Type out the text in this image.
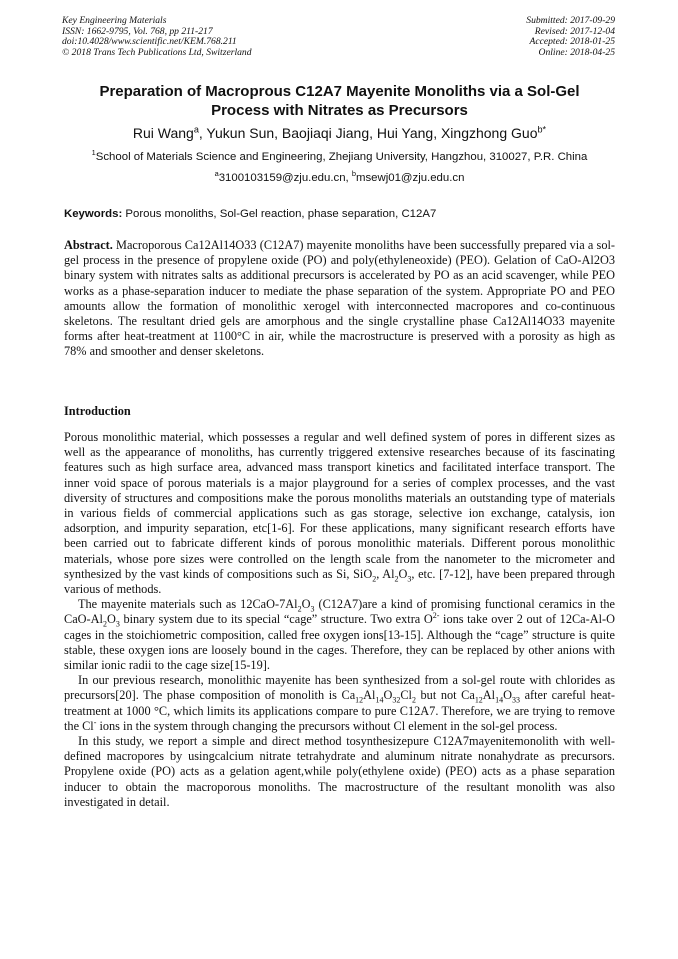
Key Engineering Materials
ISSN: 1662-9795, Vol. 768, pp 211-217
doi:10.4028/www.scientific.net/KEM.768.211
© 2018 Trans Tech Publications Ltd, Switzerland
Submitted: 2017-09-29
Revised: 2017-12-04
Accepted: 2018-01-25
Online: 2018-04-25
Preparation of Macroprous C12A7 Mayenite Monoliths via a Sol-Gel
Process with Nitrates as Precursors
Rui Wang$^a$, Yukun Sun, Baojiaqi Jiang, Hui Yang, Xingzhong Guo$^{b*}$
$^1$School of Materials Science and Engineering, Zhejiang University, Hangzhou, 310027, P.R. China
$^a$3100103159@zju.edu.cn, $^b$msewj01@zju.edu.cn
Keywords: Porous monoliths, Sol-Gel reaction, phase separation, C12A7

Abstract. Macroporous Ca12Al14O33 (C12A7) mayenite monoliths have been successfully prepared via a sol-gel process in the presence of propylene oxide (PO) and poly(ethyleneoxide) (PEO). Gelation of CaO-Al2O3 binary system with nitrates salts as additional precursors is accelerated by PO as an acid scavenger, while PEO works as a phase-separation inducer to mediate the phase separation of the system. Appropriate PO and PEO amounts allow the formation of monolithic xerogel with interconnected macropores and co-continuous skeletons. The resultant dried gels are amorphous and the single crystalline phase Ca12Al14O33 mayenite forms after heat-treatment at 1100°C in air, while the macrostructure is preserved with a porosity as high as 78% and smoother and denser skeletons.

Introduction

Porous monolithic material, which possesses a regular and well defined system of pores in different sizes as well as the appearance of monoliths, has currently triggered extensive researches because of its fascinating features such as high surface area, advanced mass transport kinetics and facilitated interface transport. The inner void space of porous materials is a major playground for a series of complex processes, and the vast diversity of structures and compositions make the porous monoliths materials an outstanding type of materials in various fields of commercial applications such as gas storage, selective ion exchange, catalysis, ion adsorption, and impurity separation, etc[1-6]. For these applications, many significant research efforts have been carried out to fabricate different kinds of porous monolithic materials. Different porous monolithic materials, whose pore sizes were controlled on the length scale from the nanometer to the micrometer and synthesized by the vast kinds of compositions such as Si, SiO$_2$, $Al_2O_3$, etc. [7-12], have been prepared through various of methods.

The mayenite materials such as $12CaO-7Al_2O_3$ (C12A7)are a kind of promising functional ceramics in the CaO-$Al_2O_3$ binary system due to its special “cage” structure. Two extra $O^{2-}$ ions take over 2 out of 12Ca-Al-O cages in the stoichiometric composition, called free oxygen ions[13-15]. Although the “cage” structure is quite stable, these oxygen ions are loosely bound in the cages. Therefore, they can be replaced by other anions with similar ionic radii to the cage size[15-19].

In our previous research, monolithic mayenite has been synthesized from a sol-gel route with chlorides as precursors[20]. The phase composition of monolith is $Ca_{12}Al_{14}O_{32}Cl_2$ but not $Ca_{12}Al_{14}O_{33}$ after careful heat-treatment at 1000 °C, which limits its applications compare to pure C12A7. Therefore, we are trying to remove the Cl- ions in the system through changing the precursors without Cl element in the sol-gel process.

In this study, we report a simple and direct method tosynthesizepure C12A7mayenitemonolith with well-defined macropores by usingcalcium nitrate tetrahydrate and aluminum nitrate nonahydrate as precursors. Propylene oxide (PO) acts as a gelation agent,while poly(ethylene oxide) (PEO) acts as a phase separation inducer to obtain the macroporous monoliths. The macrostructure of the resultant monolith was also investigated in detail.
